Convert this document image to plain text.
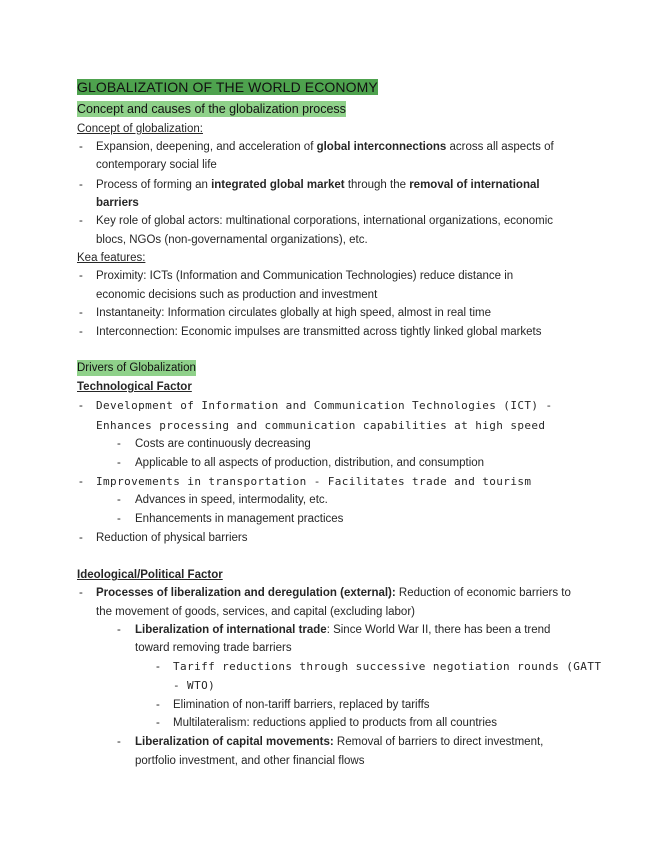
GLOBALIZATION OF THE WORLD ECONOMY
Concept and causes of the globalization process
Concept of globalization:
- Expansion, deepening, and acceleration of global interconnections across all aspects of
contemporary social life
- Process of forming an integrated global market through the removal of international
barriers
- Key role of global actors: multinational corporations, international organizations, economic
blocs, NGOs (non-governamental organizations), etc.
Kea features:
- Proximity: ICTs (Information and Communication Technologies) reduce distance in
economic decisions such as production and investment
- Instantaneity: Information circulates globally at high speed, almost in real time
- Interconnection: Economic impulses are transmitted across tightly linked global markets
Drivers of Globalization
Technological Factor
- Development of Information and Communication Technologies (ICT) -
Enhances processing and communication capabilities at high speed
- Costs are continuously decreasing
- Applicable to all aspects of production, distribution, and consumption
- Improvements in transportation - Facilitates trade and tourism
- Advances in speed, intermodality, etc.
- Enhancements in management practices
- Reduction of physical barriers
Ideological/Political Factor
- Processes of liberalization and deregulation (external): Reduction of economic barriers to
the movement of goods, services, and capital (excluding labor)
- Liberalization of international trade: Since World War II, there has been a trend
toward removing trade barriers
- Tariff reductions through successive negotiation rounds (GATT
- WTO)
- Elimination of non-tariff barriers, replaced by tariffs
- Multilateralism: reductions applied to products from all countries
- Liberalization of capital movements: Removal of barriers to direct investment,
portfolio investment, and other financial flows
